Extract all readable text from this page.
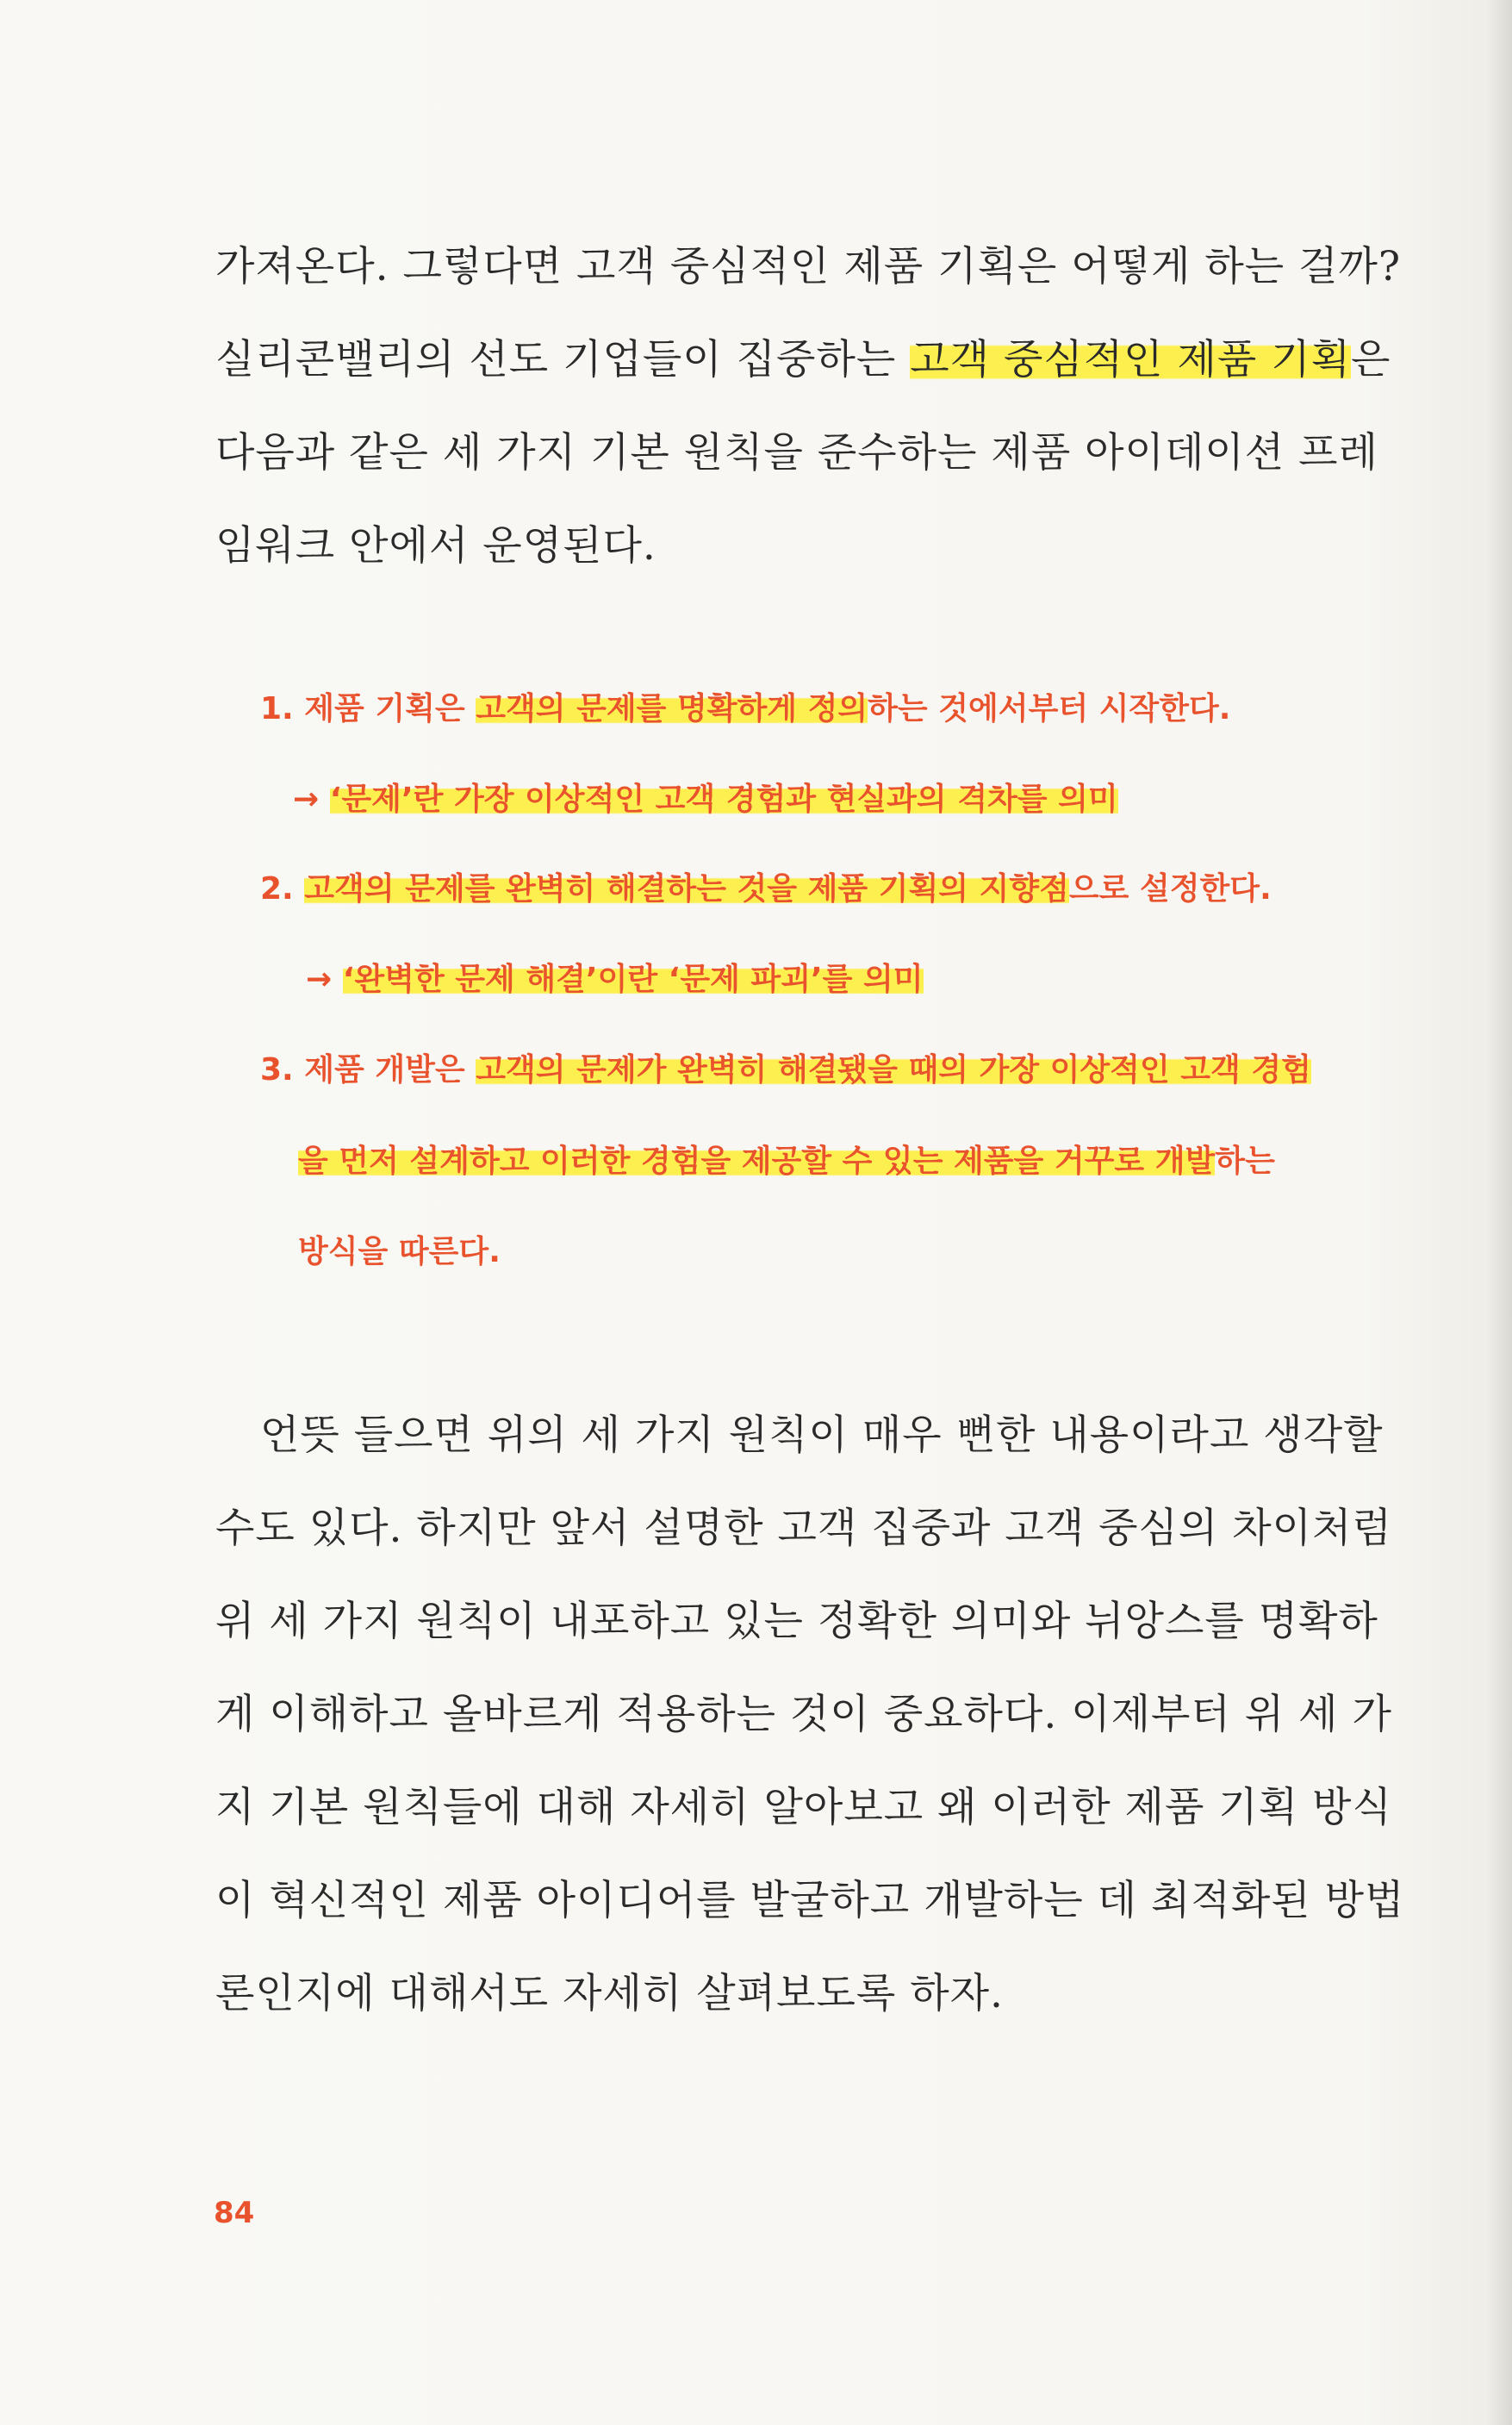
가져온다. 그렇다면 고객 중심적인 제품 기획은 어떻게 하는 걸까?
실리콘밸리의 선도 기업들이 집중하는 고객 중심적인 제품 기획은
다음과 같은 세 가지 기본 원칙을 준수하는 제품 아이데이션 프레
임워크 안에서 운영된다.
1. 제품 기획은 고객의 문제를 명확하게 정의하는 것에서부터 시작한다.
→ ‘문제’란 가장 이상적인 고객 경험과 현실과의 격차를 의미
2. 고객의 문제를 완벽히 해결하는 것을 제품 기획의 지향점으로 설정한다.
→ ‘완벽한 문제 해결’이란 ‘문제 파괴’를 의미
3. 제품 개발은 고객의 문제가 완벽히 해결됐을 때의 가장 이상적인 고객 경험
을 먼저 설계하고 이러한 경험을 제공할 수 있는 제품을 거꾸로 개발하는
방식을 따른다.
언뜻 들으면 위의 세 가지 원칙이 매우 뻔한 내용이라고 생각할
수도 있다. 하지만 앞서 설명한 고객 집중과 고객 중심의 차이처럼
위 세 가지 원칙이 내포하고 있는 정확한 의미와 뉘앙스를 명확하
게 이해하고 올바르게 적용하는 것이 중요하다. 이제부터 위 세 가
지 기본 원칙들에 대해 자세히 알아보고 왜 이러한 제품 기획 방식
이 혁신적인 제품 아이디어를 발굴하고 개발하는 데 최적화된 방법
론인지에 대해서도 자세히 살펴보도록 하자.
84
